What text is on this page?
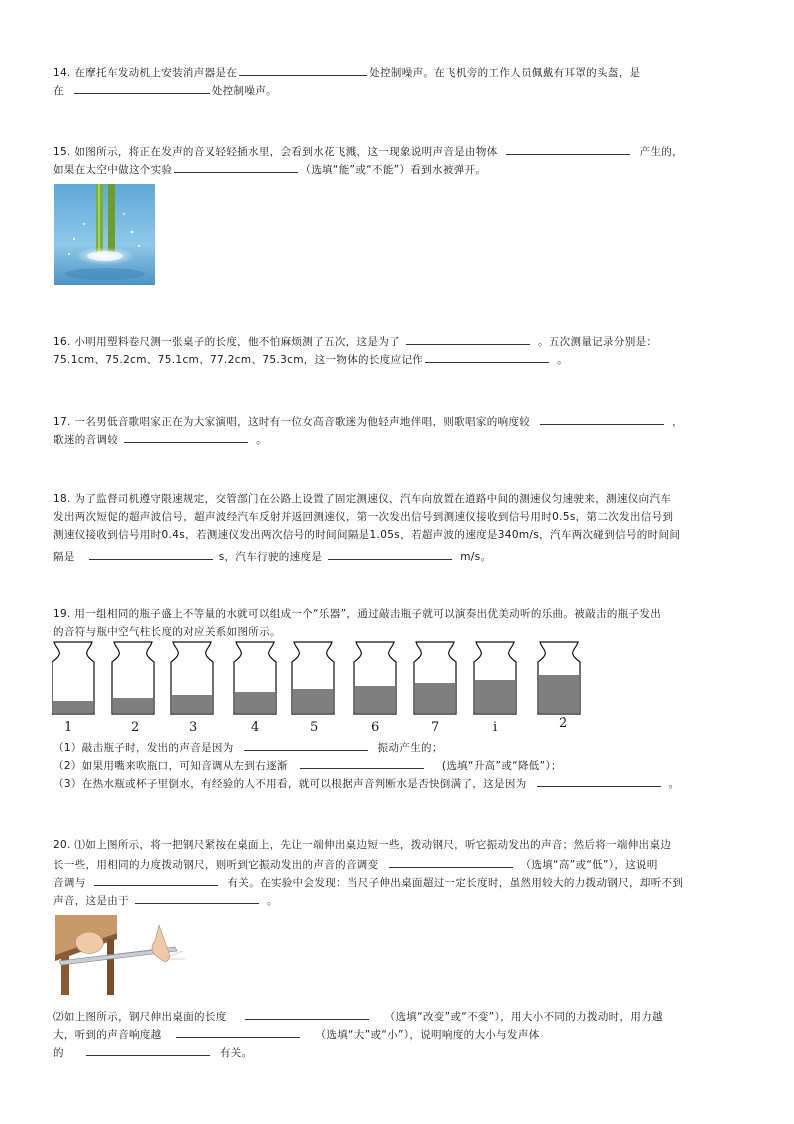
14. 在摩托车发动机上安装消声器是在	处控制噪声。在飞机旁的工作人员佩戴有耳罩的头盔，是
在	处控制噪声。
15. 如图所示，将正在发声的音叉轻轻插水里，会看到水花飞溅，这一现象说明声音是由物体	产生的，
如果在太空中做这个实验	（选填“能”或“不能”）看到水被弹开。
16. 小明用塑料卷尺测一张桌子的长度，他不怕麻烦测了五次，这是为了	。五次测量记录分别是：
75.1cm、75.2cm、75.1cm、77.2cm、75.3cm，这一物体的长度应记作	。
17. 一名男低音歌唱家正在为大家演唱，这时有一位女高音歌迷为他轻声地伴唱，则歌唱家的响度较	，
歌迷的音调较	。
18. 为了监督司机遵守限速规定，交管部门在公路上设置了固定测速仪，汽车向放置在道路中间的测速仪匀速驶来，测速仪向汽车
发出两次短促的超声波信号，超声波经汽车反射并返回测速仪，第一次发出信号到测速仪接收到信号用时0.5s，第二次发出信号到
测速仪接收到信号用时0.4s，若测速仪发出两次信号的时间间隔是1.05s，若超声波的速度是340m/s，汽车两次碰到信号的时间间
隔是	s，汽车行驶的速度是	m/s。
19. 用一组相同的瓶子盛上不等量的水就可以组成一个“乐器”，通过敲击瓶子就可以演奏出优美动听的乐曲。被敲击的瓶子发出
的音符与瓶中空气柱长度的对应关系如图所示。
1	2	3	4	5	6	7	i	2̇
（1）敲击瓶子时，发出的声音是因为	振动产生的；
（2）如果用嘴来吹瓶口，可知音调从左到右逐渐	(选填“升高”或“降低”）；
（3）在热水瓶或杯子里倒水，有经验的人不用看，就可以根据声音判断水是否快倒满了，这是因为	。
20. ⑴如上图所示，将一把钢尺紧按在桌面上，先让一端伸出桌边短一些，拨动钢尺，听它振动发出的声音；然后将一端伸出桌边
长一些，用相同的力度拨动钢尺，则听到它振动发出的声音的音调变	（选填“高”或“低”），这说明
音调与	有关。在实验中会发现：当尺子伸出桌面超过一定长度时，虽然用较大的力拨动钢尺，却听不到
声音，这是由于	。
⑵如上图所示，钢尺伸出桌面的长度	（选填“改变”或“不变”），用大小不同的力拨动时，用力越
大，听到的声音响度越	（选填“大”或“小”），说明响度的大小与发声体
的	有关。
